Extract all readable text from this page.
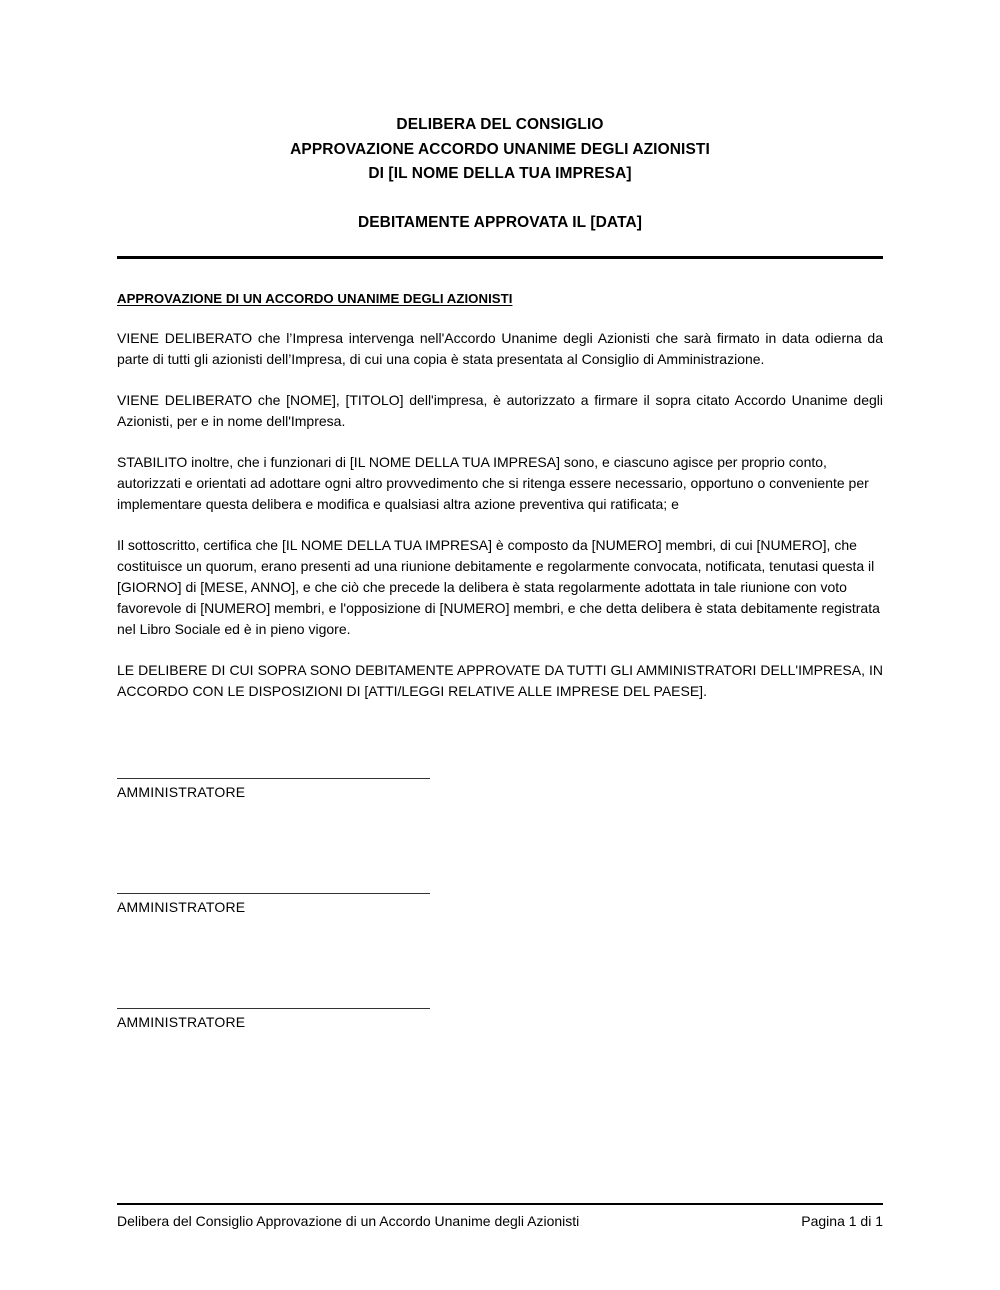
DELIBERA DEL CONSIGLIO
APPROVAZIONE ACCORDO UNANIME DEGLI AZIONISTI
DI [IL NOME DELLA TUA IMPRESA]
DEBITAMENTE APPROVATA IL [DATA]
APPROVAZIONE DI UN ACCORDO UNANIME DEGLI AZIONISTI

VIENE DELIBERATO che l’Impresa intervenga nell'Accordo Unanime degli Azionisti che sarà firmato in data odierna da parte di tutti gli azionisti dell’Impresa, di cui una copia è stata presentata al Consiglio di Amministrazione.

VIENE DELIBERATO che [NOME], [TITOLO] dell'impresa, è autorizzato a firmare il sopra citato Accordo Unanime degli Azionisti, per e in nome dell'Impresa.

STABILITO inoltre, che i funzionari di [IL NOME DELLA TUA IMPRESA] sono, e ciascuno agisce per proprio conto, autorizzati e orientati ad adottare ogni altro provvedimento che si ritenga essere necessario, opportuno o conveniente per implementare questa delibera e modifica e qualsiasi altra azione preventiva qui ratificata; e

Il sottoscritto, certifica che [IL NOME DELLA TUA IMPRESA] è composto da [NUMERO] membri, di cui [NUMERO], che costituisce un quorum, erano presenti ad una riunione debitamente e regolarmente convocata, notificata, tenutasi questa il [GIORNO] di [MESE, ANNO], e che ciò che precede la delibera è stata regolarmente adottata in tale riunione con voto favorevole di [NUMERO] membri, e l'opposizione di [NUMERO] membri, e che detta delibera è stata debitamente registrata nel Libro Sociale ed è in pieno vigore.

LE DELIBERE DI CUI SOPRA SONO DEBITAMENTE APPROVATE DA TUTTI GLI AMMINISTRATORI DELL'IMPRESA, IN ACCORDO CON LE DISPOSIZIONI DI [ATTI/LEGGI RELATIVE ALLE IMPRESE DEL PAESE].

AMMINISTRATORE
AMMINISTRATORE
AMMINISTRATORE
Delibera del Consiglio Approvazione di un Accordo Unanime degli Azionisti	Pagina 1 di 1
